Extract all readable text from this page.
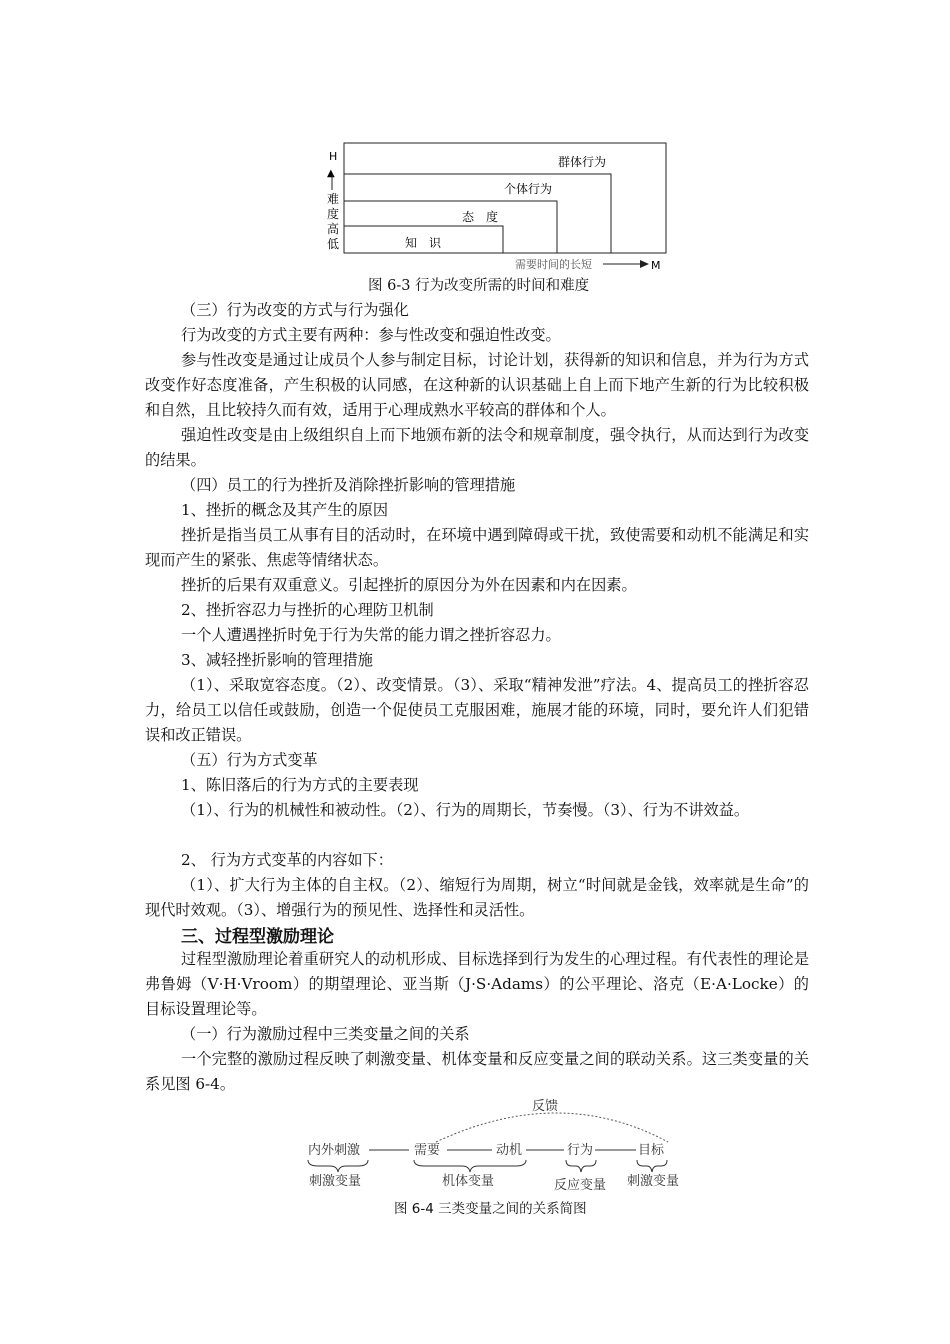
H
▲
难
度
高
低	知　识
态　度
个体行为
群体行为
需要时间的长短	M
图 6-3 行为改变所需的时间和难度
（三）行为改变的方式与行为强化
行为改变的方式主要有两种：参与性改变和强迫性改变。
参与性改变是通过让成员个人参与制定目标，讨论计划，获得新的知识和信息，并为行为方式改变作好态度准备，产生积极的认同感，在这种新的认识基础上自上而下地产生新的行为比较积极和自然，且比较持久而有效，适用于心理成熟水平较高的群体和个人。
强迫性改变是由上级组织自上而下地颁布新的法令和规章制度，强令执行，从而达到行为改变的结果。
（四）员工的行为挫折及消除挫折影响的管理措施
1、挫折的概念及其产生的原因
挫折是指当员工从事有目的活动时，在环境中遇到障碍或干扰，致使需要和动机不能满足和实现而产生的紧张、焦虑等情绪状态。
挫折的后果有双重意义。引起挫折的原因分为外在因素和内在因素。
2、挫折容忍力与挫折的心理防卫机制
一个人遭遇挫折时免于行为失常的能力谓之挫折容忍力。
3、减轻挫折影响的管理措施
（1）、采取宽容态度。（2）、改变情景。（3）、采取“精神发泄”疗法。4、提高员工的挫折容忍力，给员工以信任或鼓励，创造一个促使员工克服困难，施展才能的环境，同时，要允许人们犯错误和改正错误。
（五）行为方式变革
1、陈旧落后的行为方式的主要表现
（1）、行为的机械性和被动性。（2）、行为的周期长，节奏慢。（3）、行为不讲效益。
2、 行为方式变革的内容如下：
（1）、扩大行为主体的自主权。（2）、缩短行为周期，树立“时间就是金钱，效率就是生命”的现代时效观。（3）、增强行为的预见性、选择性和灵活性。
三、过程型激励理论
过程型激励理论着重研究人的动机形成、目标选择到行为发生的心理过程。有代表性的理论是弗鲁姆（V·H·Vroom）的期望理论、亚当斯（J·S·Adams）的公平理论、洛克（E·A·Locke）的目标设置理论等。
（一）行为激励过程中三类变量之间的关系
一个完整的激励过程反映了刺激变量、机体变量和反应变量之间的联动关系。这三类变量的关系见图 6-4。
反馈
内外刺激	需要	动机	行为	目标
刺激变量	机体变量	反应变量 刺激变量
图 6-4 三类变量之间的关系简图
